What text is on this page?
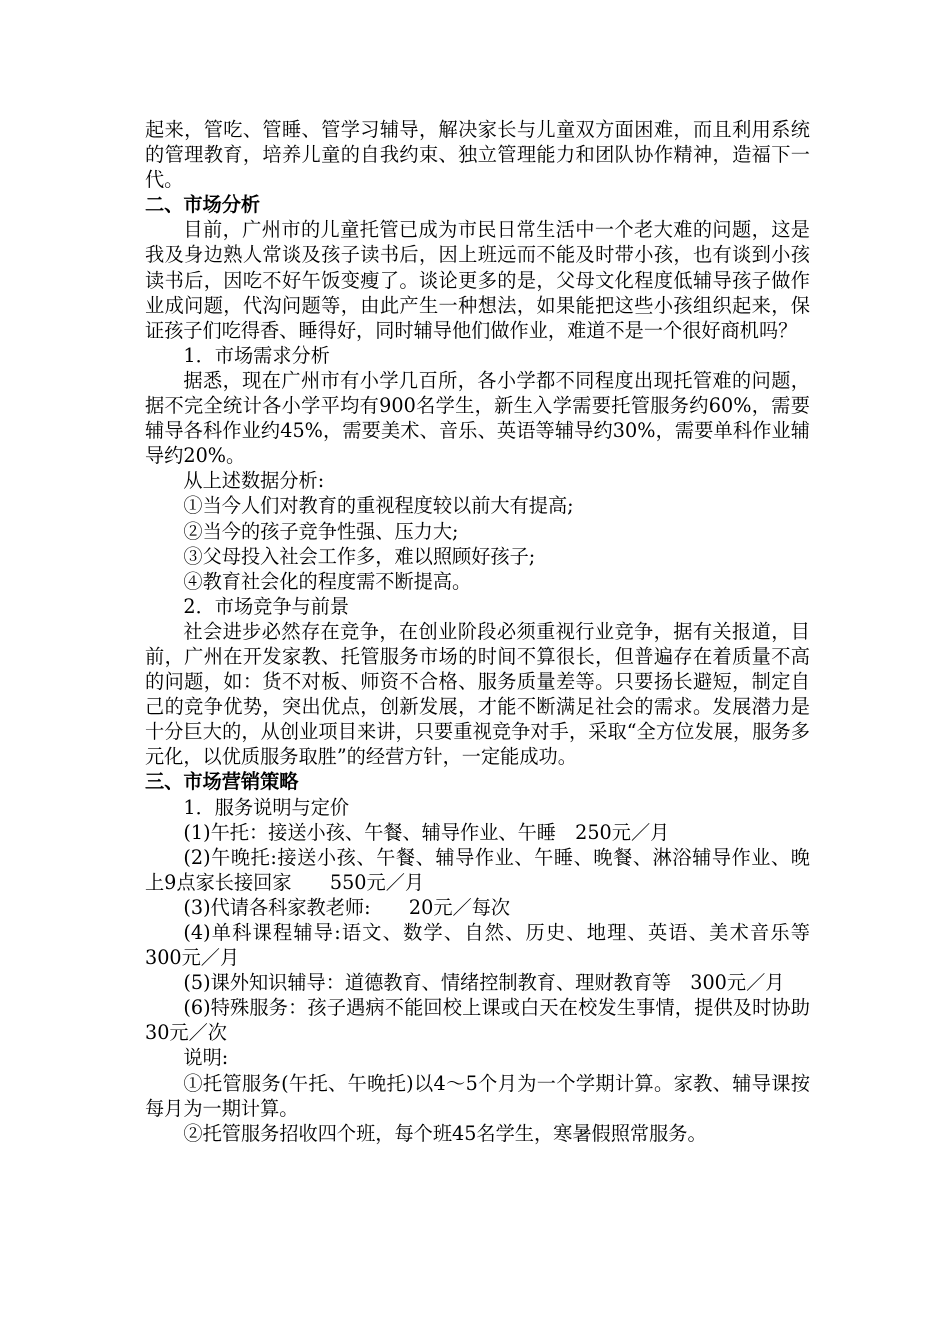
起来，管吃、管睡、管学习辅导，解决家长与儿童双方面困难，而且利用系统的管理教育，培养儿童的自我约束、独立管理能力和团队协作精神，造福下一代。

二、市场分析

目前，广州市的儿童托管已成为市民日常生活中一个老大难的问题，这是我及身边熟人常谈及孩子读书后，因上班远而不能及时带小孩，也有谈到小孩读书后，因吃不好午饭变瘦了。谈论更多的是，父母文化程度低辅导孩子做作业成问题，代沟问题等，由此产生一种想法，如果能把这些小孩组织起来，保证孩子们吃得香、睡得好，同时辅导他们做作业，难道不是一个很好商机吗？

1．市场需求分析

据悉，现在广州市有小学几百所，各小学都不同程度出现托管难的问题，据不完全统计各小学平均有900名学生，新生入学需要托管服务约60%，需要辅导各科作业约45%，需要美术、音乐、英语等辅导约30%，需要单科作业辅导约20%。

从上述数据分析:

①当今人们对教育的重视程度较以前大有提高;

②当今的孩子竞争性强、压力大;

③父母投入社会工作多，难以照顾好孩子;

④教育社会化的程度需不断提高。

2．市场竞争与前景

社会进步必然存在竞争，在创业阶段必须重视行业竞争，据有关报道，目前，广州在开发家教、托管服务市场的时间不算很长，但普遍存在着质量不高的问题，如：货不对板、师资不合格、服务质量差等。只要扬长避短，制定自己的竞争优势，突出优点，创新发展，才能不断满足社会的需求。发展潜力是十分巨大的，从创业项目来讲，只要重视竞争对手，采取“全方位发展，服务多元化，以优质服务取胜”的经营方针，一定能成功。

三、市场营销策略

1．服务说明与定价

(1)午托：接送小孩、午餐、辅导作业、午睡　250元／月

(2)午晚托:接送小孩、午餐、辅导作业、午睡、晚餐、淋浴辅导作业、晚上9点家长接回家　　550元／月

(3)代请各科家教老师:　　20元／每次

(4)单科课程辅导:语文、数学、自然、历史、地理、英语、美术音乐等　300元／月

(5)课外知识辅导：道德教育、情绪控制教育、理财教育等　300元／月

(6)特殊服务：孩子遇病不能回校上课或白天在校发生事情，提供及时协助 30元／次

说明:

①托管服务(午托、午晚托)以4～5个月为一个学期计算。家教、辅导课按每月为一期计算。

②托管服务招收四个班，每个班45名学生，寒暑假照常服务。
